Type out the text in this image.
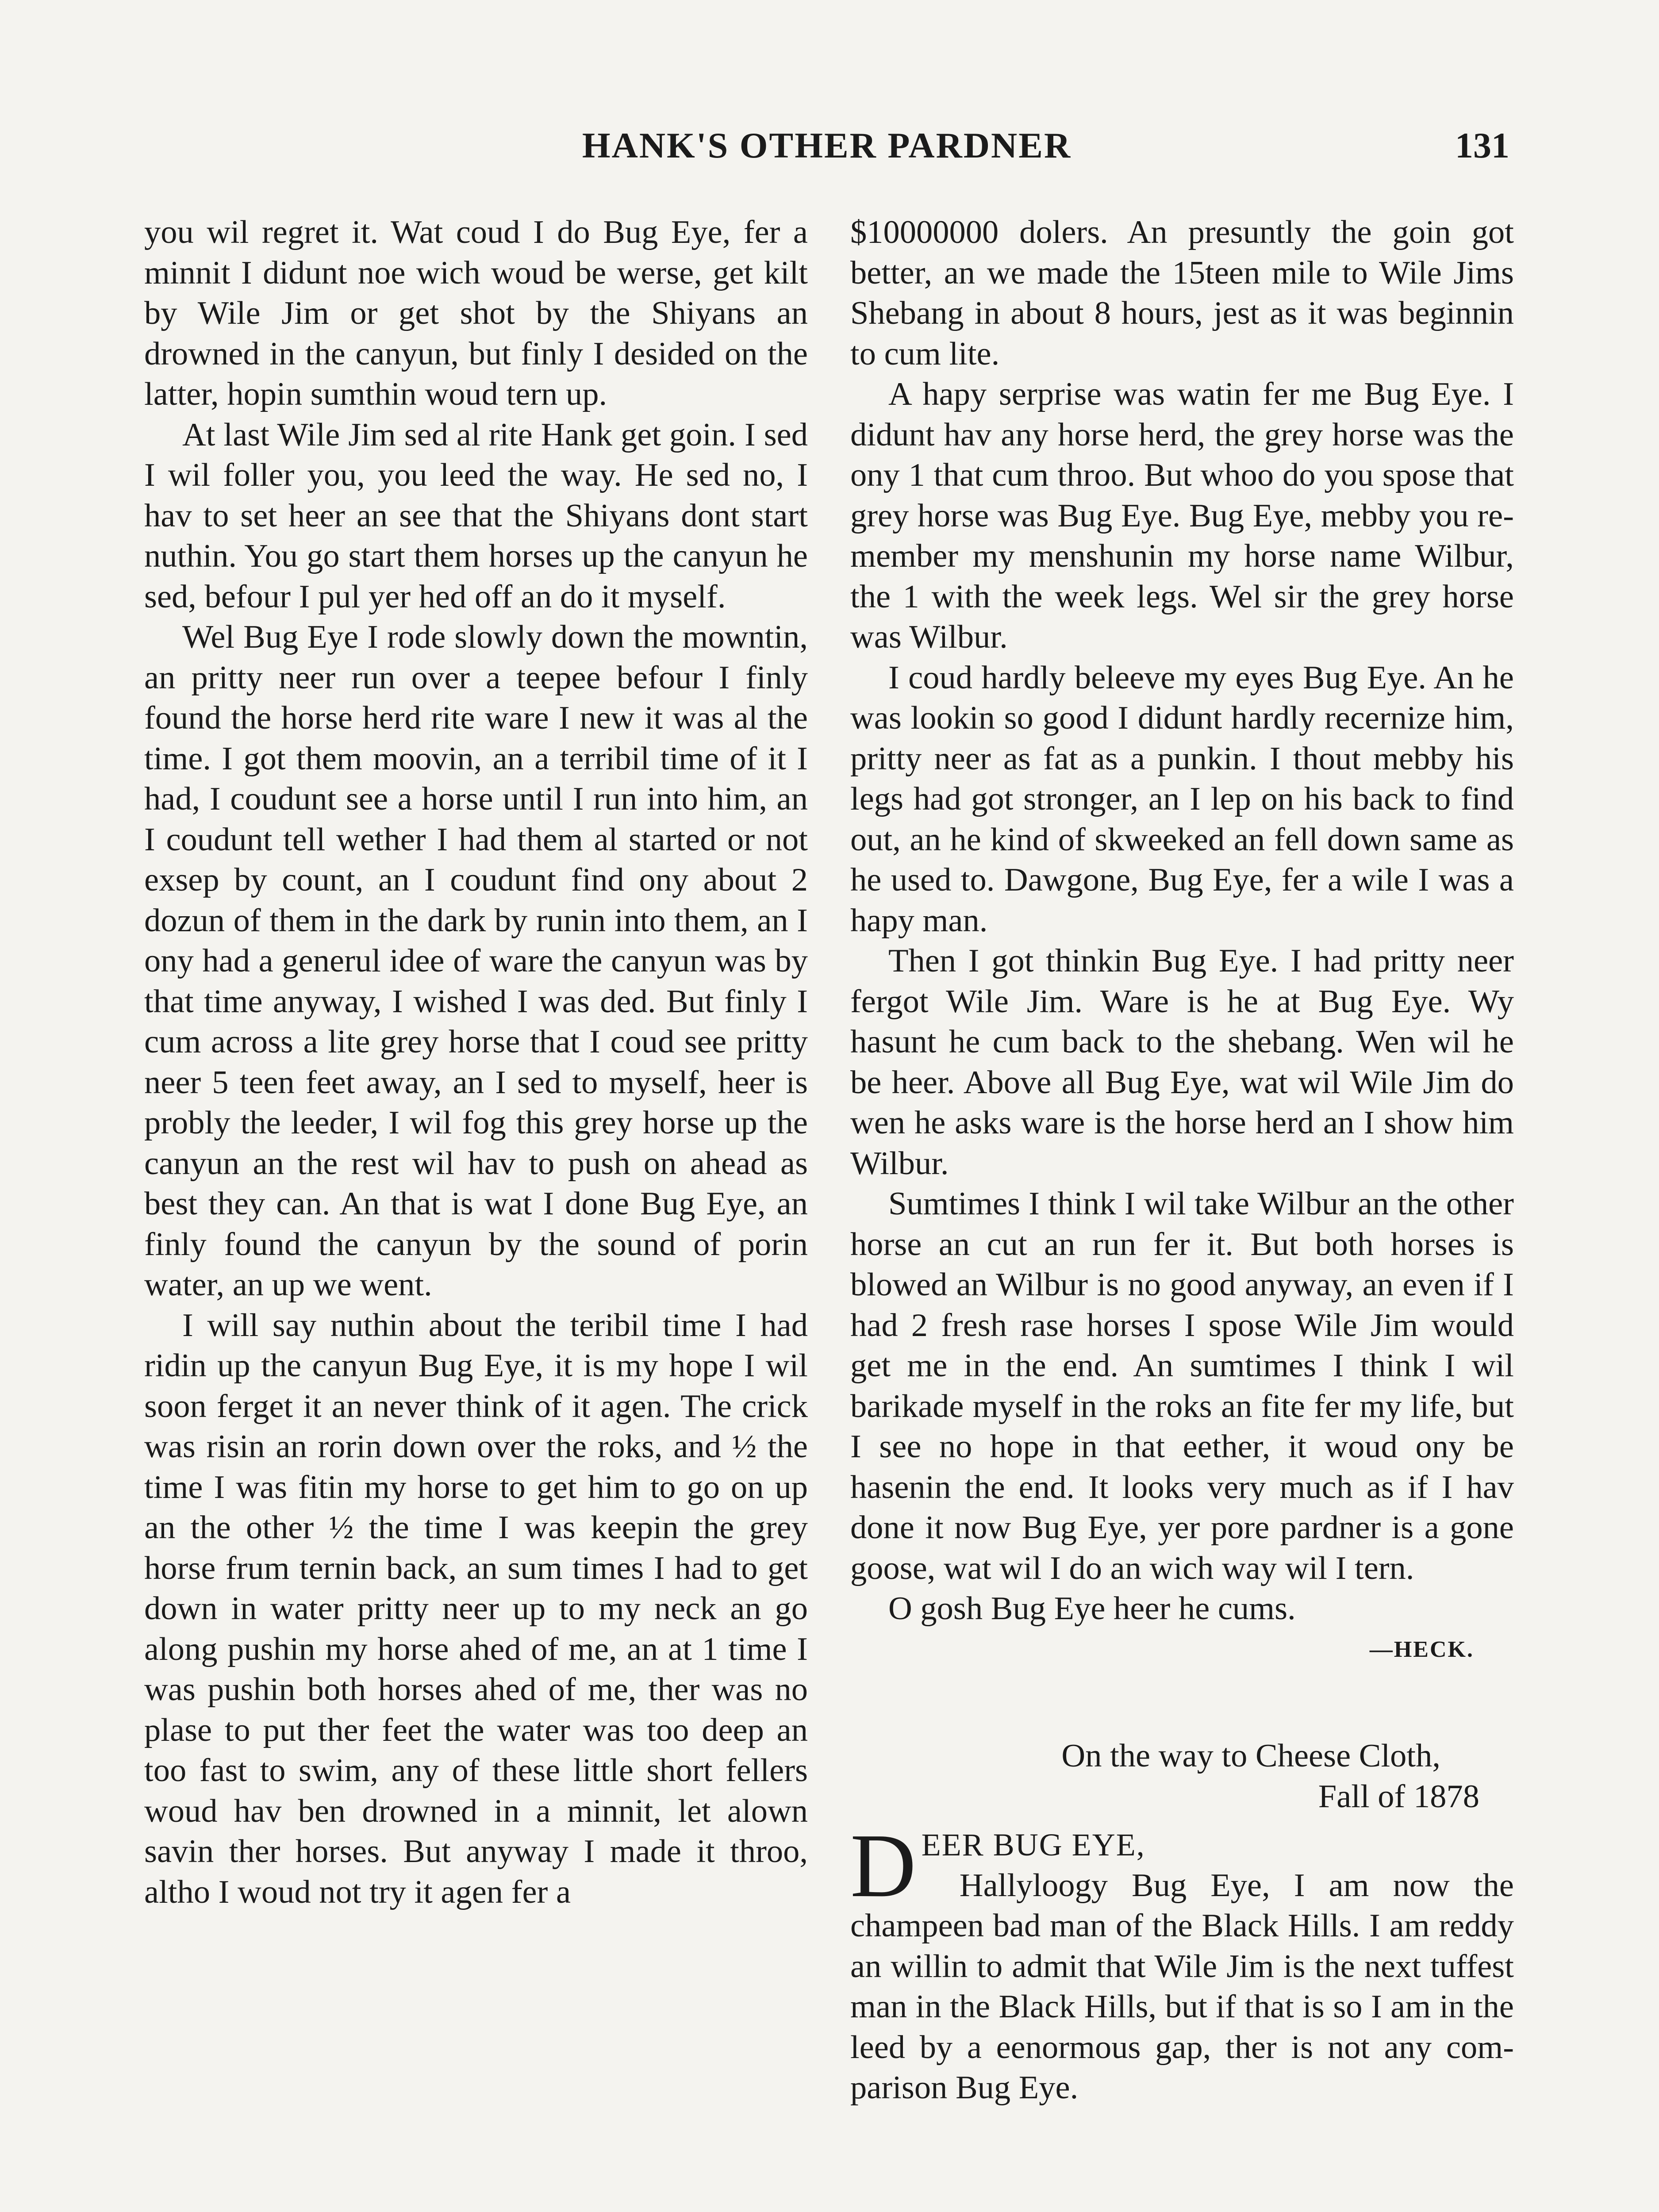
HANK'S OTHER PARDNER	131

you wil regret it. Wat coud I do Bug Eye, fer a minnit I didunt noe wich woud be werse, get kilt by Wile Jim or get shot by the Shiyans an drowned in the canyun, but finly I desided on the latter, hopin sumthin woud tern up.

At last Wile Jim sed al rite Hank get goin. I sed I wil foller you, you leed the way. He sed no, I hav to set heer an see that the Shiyans dont start nuthin. You go start them horses up the canyun he sed, befour I pul yer hed off an do it myself.

Wel Bug Eye I rode slowly down the mowntin, an pritty neer run over a teepee befour I finly found the horse herd rite ware I new it was al the time. I got them moovin, an a terribil time of it I had, I coudunt see a horse until I run into him, an I coudunt tell wether I had them al started or not exsep by count, an I coudunt find ony about 2 dozun of them in the dark by runin into them, an I ony had a generul idee of ware the canyun was by that time anyway, I wished I was ded. But finly I cum across a lite grey horse that I coud see pritty neer 5 teen feet away, an I sed to myself, heer is probly the leeder, I wil fog this grey horse up the canyun an the rest wil hav to push on ahead as best they can. An that is wat I done Bug Eye, an finly found the canyun by the sound of porin water, an up we went.

I will say nuthin about the teribil time I had ridin up the canyun Bug Eye, it is my hope I wil soon ferget it an never think of it agen. The crick was risin an rorin down over the roks, and ½ the time I was fitin my horse to get him to go on up an the other ½ the time I was keepin the grey horse frum ternin back, an sum times I had to get down in water pritty neer up to my neck an go along pushin my horse ahed of me, an at 1 time I was pushin both horses ahed of me, ther was no plase to put ther feet the water was too deep an too fast to swim, any of these little short fellers woud hav ben drowned in a minnit, let alown savin ther horses. But anyway I made it throo, altho I woud not try it agen fer a

$10000000 dolers. An presuntly the goin got better, an we made the 15teen mile to Wile Jims Shebang in about 8 hours, jest as it was beginnin to cum lite.

A hapy serprise was watin fer me Bug Eye. I didunt hav any horse herd, the grey horse was the ony 1 that cum throo. But whoo do you spose that grey horse was Bug Eye. Bug Eye, mebby you remember my menshunin my horse name Wilbur, the 1 with the week legs. Wel sir the grey horse was Wilbur.

I coud hardly beleeve my eyes Bug Eye. An he was lookin so good I didunt hardly recernize him, pritty neer as fat as a punkin. I thout mebby his legs had got stronger, an I lep on his back to find out, an he kind of skweeked an fell down same as he used to. Dawgone, Bug Eye, fer a wile I was a hapy man.

Then I got thinkin Bug Eye. I had pritty neer fergot Wile Jim. Ware is he at Bug Eye. Wy hasunt he cum back to the shebang. Wen wil he be heer. Above all Bug Eye, wat wil Wile Jim do wen he asks ware is the horse herd an I show him Wilbur.

Sumtimes I think I wil take Wilbur an the other horse an cut an run fer it. But both horses is blowed an Wilbur is no good anyway, an even if I had 2 fresh rase horses I spose Wile Jim would get me in the end. An sumtimes I think I wil barikade myself in the roks an fite fer my life, but I see no hope in that eether, it woud ony be hasenin the end. It looks very much as if I hav done it now Bug Eye, yer pore pardner is a gone goose, wat wil I do an wich way wil I tern.

O gosh Bug Eye heer he cums.

—HECK.
On the way to Cheese Cloth,
Fall of 1878
D EER BUG EYE,

Hallyloogy Bug Eye, I am now the champeen bad man of the Black Hills. I am reddy an willin to admit that Wile Jim is the next tuffest man in the Black Hills, but if that is so I am in the leed by a eenormous gap, ther is not any comparison Bug Eye.
